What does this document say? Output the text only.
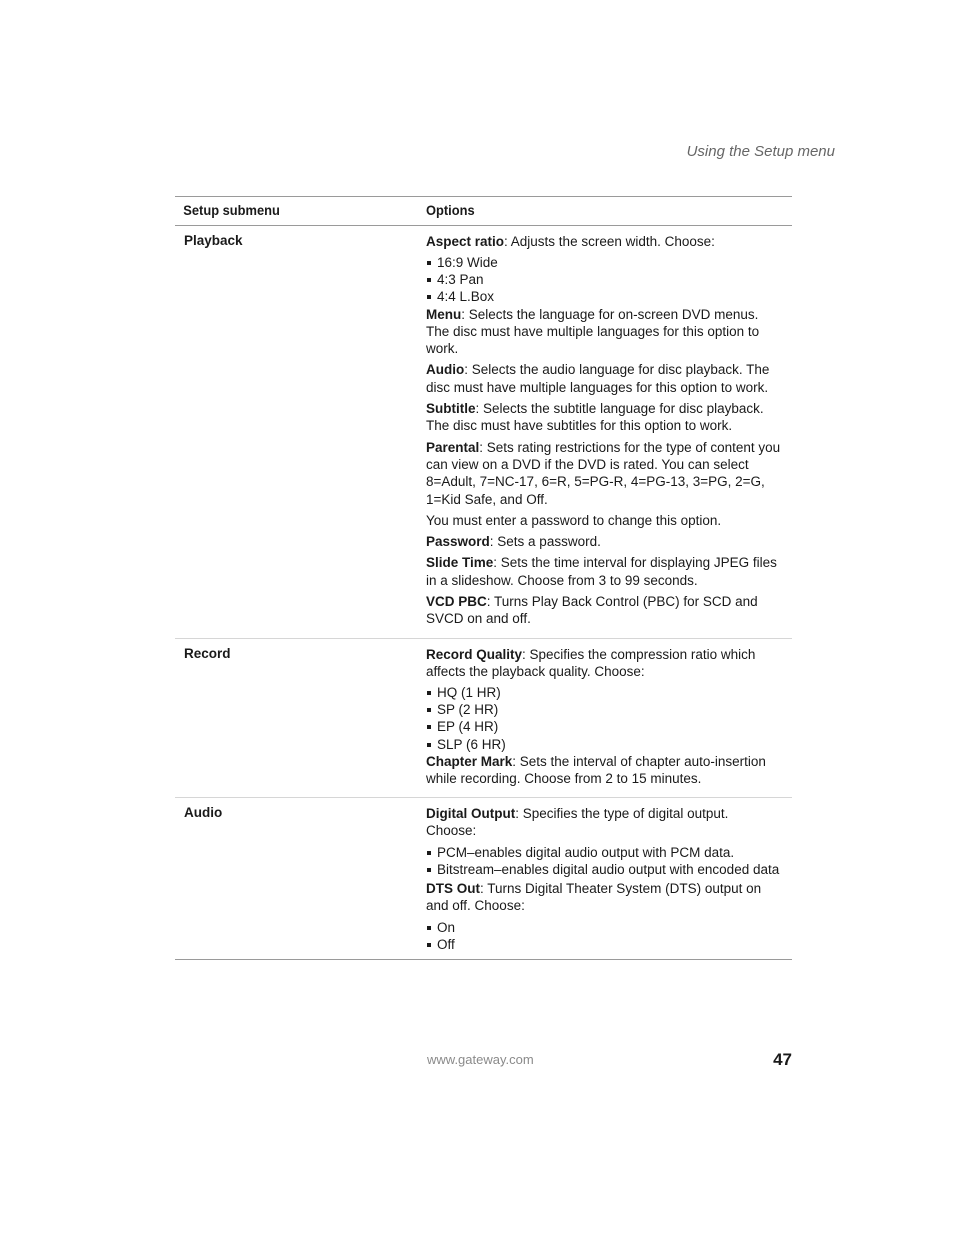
Using the Setup menu
Setup submenu	Options
Playback	Aspect ratio: Adjusts the screen width. Choose:

16:9 Wide
4:3 Pan
4:4 L.Box

Menu: Selects the language for on-screen DVD menus. The disc must have multiple languages for this option to work.

Audio: Selects the audio language for disc playback. The disc must have multiple languages for this option to work.

Subtitle: Selects the subtitle language for disc playback. The disc must have subtitles for this option to work.

Parental: Sets rating restrictions for the type of content you can view on a DVD if the DVD is rated. You can select 8=Adult, 7=NC-17, 6=R, 5=PG-R, 4=PG-13, 3=PG, 2=G, 1=Kid Safe, and Off.

You must enter a password to change this option.

Password: Sets a password.

Slide Time: Sets the time interval for displaying JPEG files in a slideshow. Choose from 3 to 99 seconds.

VCD PBC: Turns Play Back Control (PBC) for SCD and SVCD on and off.

Record	Record Quality: Specifies the compression ratio which affects the playback quality. Choose:

HQ (1 HR)
SP (2 HR)
EP (4 HR)
SLP (6 HR)

Chapter Mark: Sets the interval of chapter auto-insertion while recording. Choose from 2 to 15 minutes.

Audio	Digital Output: Specifies the type of digital output. Choose:

PCM–enables digital audio output with PCM data.
Bitstream–enables digital audio output with encoded data

DTS Out: Turns Digital Theater System (DTS) output on and off. Choose:

On
Off
www.gateway.com	47
